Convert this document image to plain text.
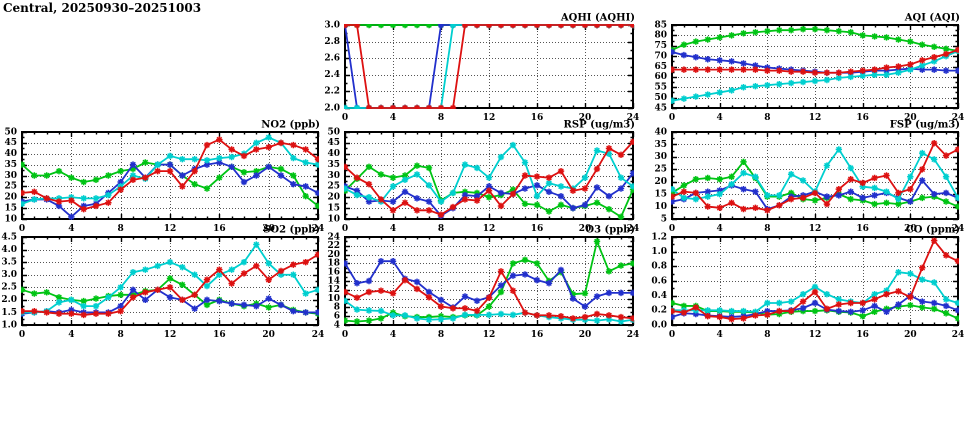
Central, 20250930–20251003
